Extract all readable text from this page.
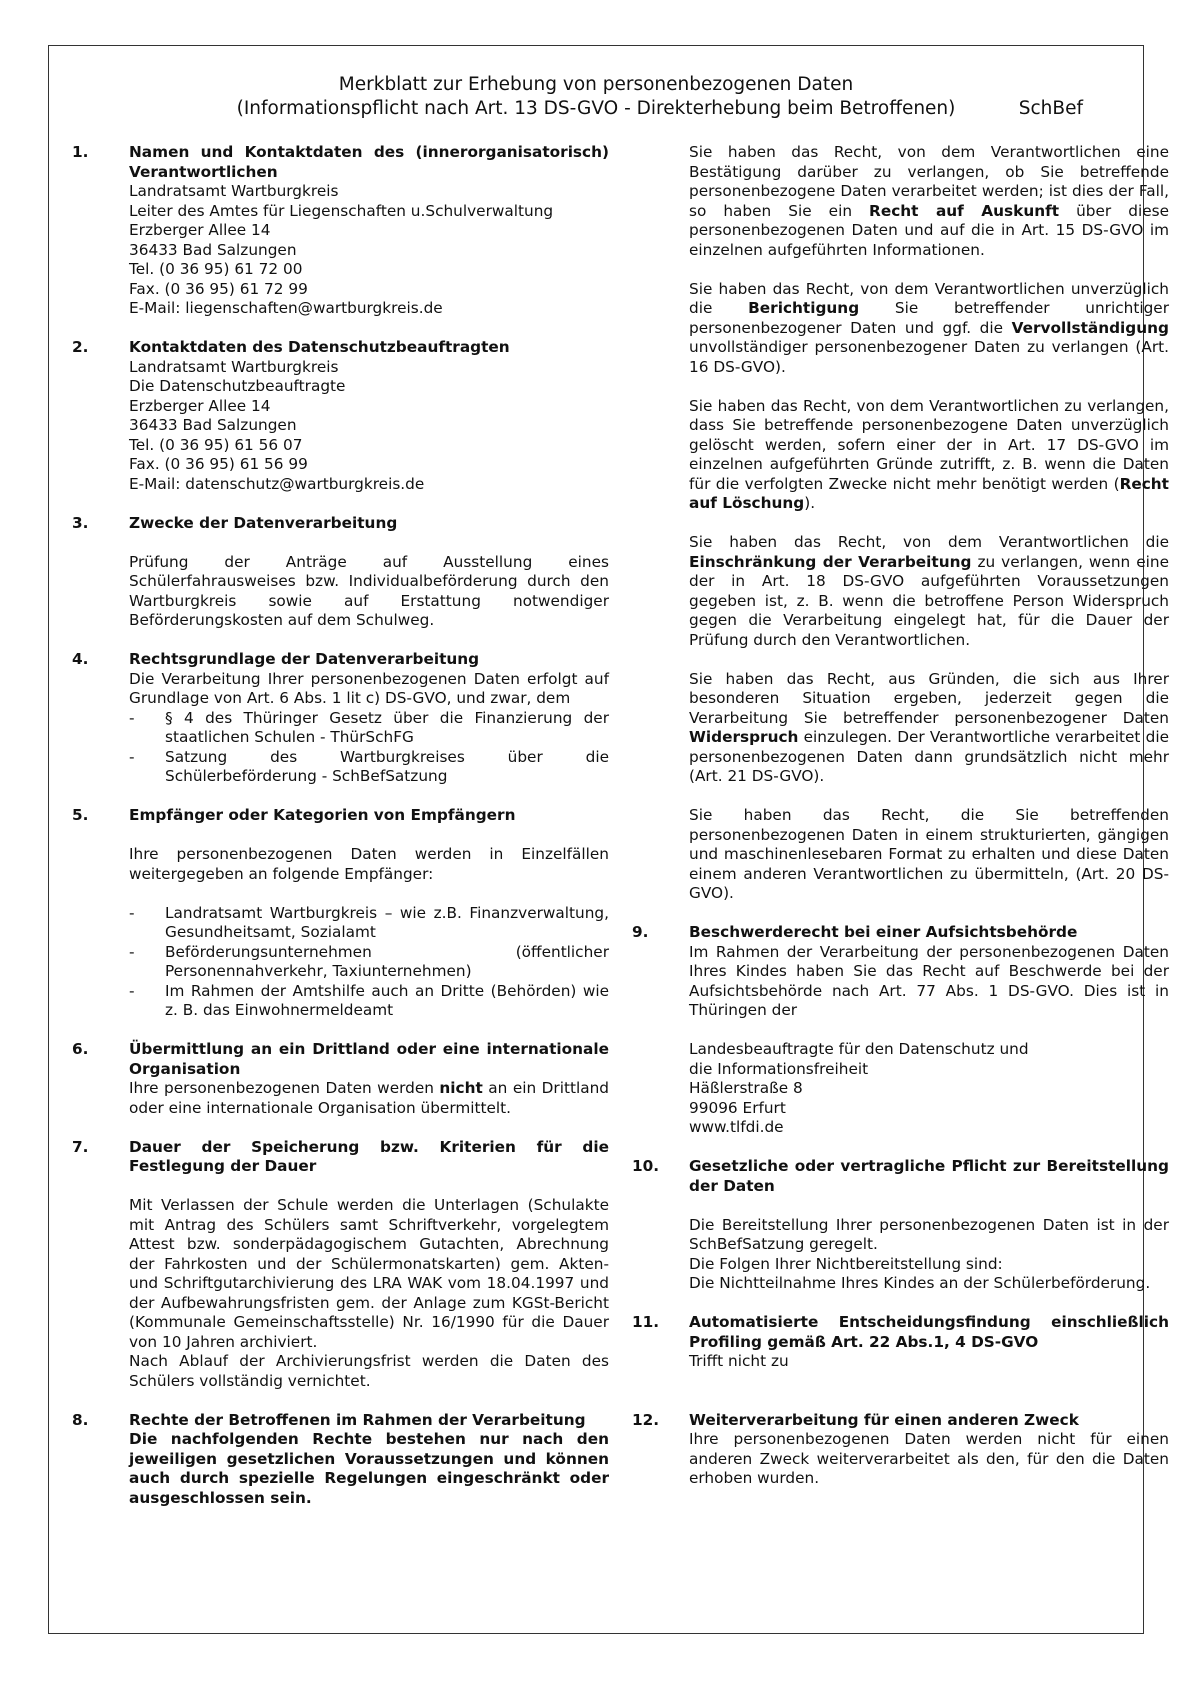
Merkblatt zur Erhebung von personenbezogenen Daten
(Informationspflicht nach Art. 13 DS-GVO - Direkterhebung beim Betroffenen)	SchBef
1.	Namen und Kontaktdaten des (innerorganisatorisch) Verantwortlichen
Landratsamt Wartburgkreis
Leiter des Amtes für Liegenschaften u.Schulverwaltung
Erzberger Allee 14
36433 Bad Salzungen
Tel. (0 36 95) 61 72 00
Fax. (0 36 95) 61 72 99
E-Mail: liegenschaften@wartburgkreis.de
2.	Kontaktdaten des Datenschutzbeauftragten
Landratsamt Wartburgkreis
Die Datenschutzbeauftragte
Erzberger Allee 14
36433 Bad Salzungen
Tel. (0 36 95) 61 56 07
Fax. (0 36 95) 61 56 99
E-Mail: datenschutz@wartburgkreis.de
3.	Zwecke der Datenverarbeitung

Prüfung der Anträge auf Ausstellung eines Schülerfahrausweises bzw. Individualbeförderung durch den Wartburgkreis sowie auf Erstattung notwendiger Beförderungskosten auf dem Schulweg.

4.	Rechtsgrundlage der Datenverarbeitung

Die Verarbeitung Ihrer personenbezogenen Daten erfolgt auf Grundlage von Art. 6 Abs. 1 lit c) DS-GVO, und zwar, dem

- § 4 des Thüringer Gesetz über die Finanzierung der staatlichen Schulen - ThürSchFG
- Satzung des Wartburgkreises über die Schülerbeförderung - SchBefSatzung
5.	Empfänger oder Kategorien von Empfängern

Ihre personenbezogenen Daten werden in Einzelfällen weitergegeben an folgende Empfänger:

- Landratsamt Wartburgkreis – wie z.B. Finanzverwaltung, Gesundheitsamt, Sozialamt
- Beförderungsunternehmen (öffentlicher Personennahverkehr, Taxiunternehmen)
- Im Rahmen der Amtshilfe auch an Dritte (Behörden) wie z. B. das Einwohnermeldeamt
6.	Übermittlung an ein Drittland oder eine internationale Organisation

Ihre personenbezogenen Daten werden nicht an ein Drittland oder eine internationale Organisation übermittelt.

7.	Dauer der Speicherung bzw. Kriterien für die Festlegung der Dauer

Mit Verlassen der Schule werden die Unterlagen (Schulakte mit Antrag des Schülers samt Schriftverkehr, vorgelegtem Attest bzw. sonderpädagogischem Gutachten, Abrechnung der Fahrkosten und der Schülermonatskarten) gem. Akten- und Schriftgutarchivierung des LRA WAK vom 18.04.1997 und der Aufbewahrungsfristen gem. der Anlage zum KGSt-Bericht (Kommunale Gemeinschaftsstelle) Nr. 16/1990 für die Dauer von 10 Jahren archiviert.

Nach Ablauf der Archivierungsfrist werden die Daten des Schülers vollständig vernichtet.

8.	Rechte der Betroffenen im Rahmen der Verarbeitung
Die nachfolgenden Rechte bestehen nur nach den jeweiligen gesetzlichen Voraussetzungen und können auch durch spezielle Regelungen eingeschränkt oder ausgeschlossen sein.

Sie haben das Recht, von dem Verantwortlichen eine Bestätigung darüber zu verlangen, ob Sie betreffende personenbezogene Daten verarbeitet werden; ist dies der Fall, so haben Sie ein Recht auf Auskunft über diese personenbezogenen Daten und auf die in Art. 15 DS-GVO im einzelnen aufgeführten Informationen.

Sie haben das Recht, von dem Verantwortlichen unverzüglich die Berichtigung Sie betreffender unrichtiger personenbezogener Daten und ggf. die Vervollständigung unvollständiger personenbezogener Daten zu verlangen (Art. 16 DS-GVO).

Sie haben das Recht, von dem Verantwortlichen zu verlangen, dass Sie betreffende personenbezogene Daten unverzüglich gelöscht werden, sofern einer der in Art. 17 DS-GVO im einzelnen aufgeführten Gründe zutrifft, z. B. wenn die Daten für die verfolgten Zwecke nicht mehr benötigt werden (Recht auf Löschung).

Sie haben das Recht, von dem Verantwortlichen die Einschränkung der Verarbeitung zu verlangen, wenn eine der in Art. 18 DS-GVO aufgeführten Voraussetzungen gegeben ist, z. B. wenn die betroffene Person Widerspruch gegen die Verarbeitung eingelegt hat, für die Dauer der Prüfung durch den Verantwortlichen.

Sie haben das Recht, aus Gründen, die sich aus Ihrer besonderen Situation ergeben, jederzeit gegen die Verarbeitung Sie betreffender personenbezogener Daten Widerspruch einzulegen. Der Verantwortliche verarbeitet die personenbezogenen Daten dann grundsätzlich nicht mehr (Art. 21 DS-GVO).

Sie haben das Recht, die Sie betreffenden personenbezogenen Daten in einem strukturierten, gängigen und maschinenlesebaren Format zu erhalten und diese Daten einem anderen Verantwortlichen zu übermitteln, (Art. 20 DS-GVO).

9.	Beschwerderecht bei einer Aufsichtsbehörde

Im Rahmen der Verarbeitung der personenbezogenen Daten Ihres Kindes haben Sie das Recht auf Beschwerde bei der Aufsichtsbehörde nach Art. 77 Abs. 1 DS-GVO. Dies ist in Thüringen der

Landesbeauftragte für den Datenschutz und
die Informationsfreiheit
Häßlerstraße 8
99096 Erfurt
www.tlfdi.de
10. Gesetzliche oder vertragliche Pflicht zur Bereitstellung der Daten

Die Bereitstellung Ihrer personenbezogenen Daten ist in der SchBefSatzung geregelt.

Die Folgen Ihrer Nichtbereitstellung sind:

Die Nichtteilnahme Ihres Kindes an der Schülerbeförderung.

11. Automatisierte Entscheidungsfindung einschließlich Profiling gemäß Art. 22 Abs.1, 4 DS-GVO

Trifft nicht zu

12. Weiterverarbeitung für einen anderen Zweck

Ihre personenbezogenen Daten werden nicht für einen anderen Zweck weiterverarbeitet als den, für den die Daten erhoben wurden.
